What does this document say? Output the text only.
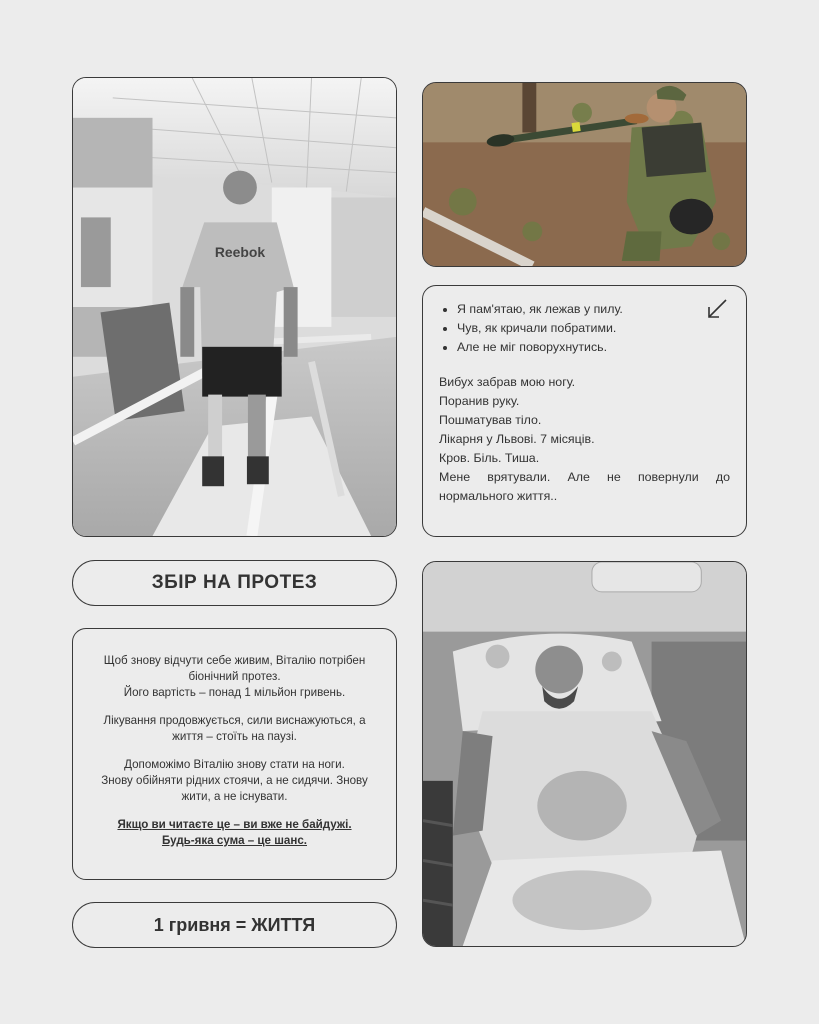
Reebok
• Я пам'ятаю, як лежав у пилу.
• Чув, як кричали побратими.
• Але не міг поворухнутись.
Вибух забрав мою ногу.
Поранив руку.
Пошматував тіло.
Лікарня у Львові. 7 місяців.
Кров. Біль. Тиша.
Мене врятували. Але не повернули до нормального життя..
ЗБІР НА ПРОТЕЗ

Щоб знову відчути себе живим, Віталію потрібен
біонічний протез.
Його вартість – понад 1 мільйон гривень.

Лікування продовжується, сили виснажуються, а
життя – стоїть на паузі.

Допоможімо Віталію знову стати на ноги.
Знову обійняти рідних стоячи, а не сидячи. Знову
жити, а не існувати.

Якщо ви читаєте це – ви вже не байдужі.
Будь-яка сума – це шанс.

1 гривня = ЖИТТЯ
